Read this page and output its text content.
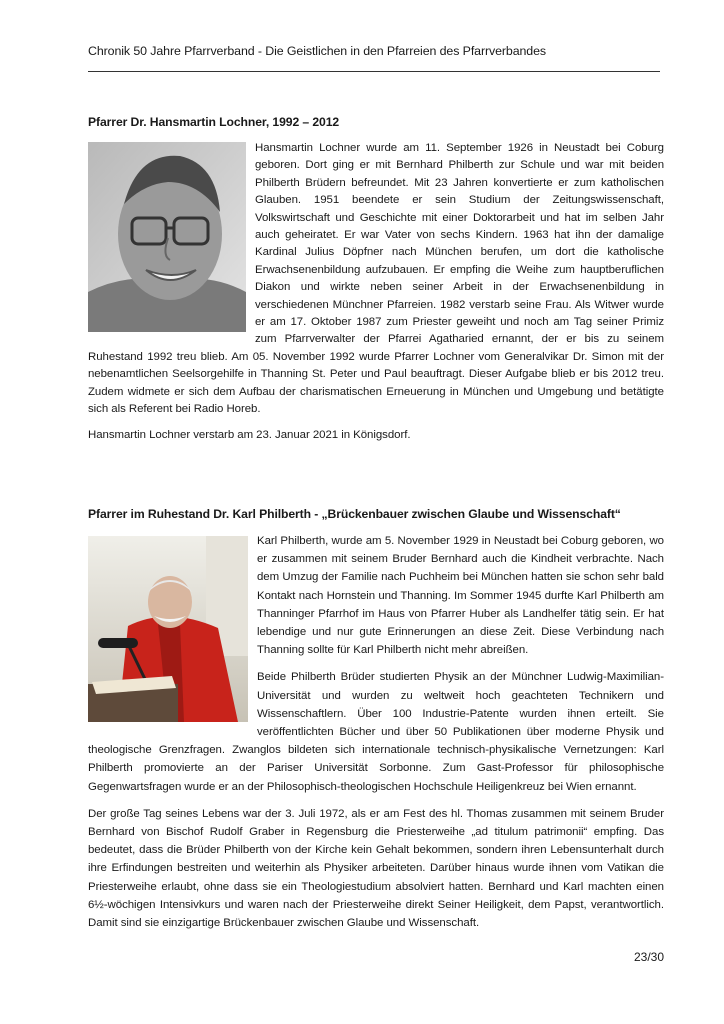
Chronik 50 Jahre Pfarrverband - Die Geistlichen in den Pfarreien des Pfarrverbandes
Pfarrer Dr. Hansmartin Lochner, 1992 – 2012

Hansmartin Lochner wurde am 11. September 1926 in Neustadt bei Coburg geboren. Dort ging er mit Bernhard Philberth zur Schule und war mit beiden Philberth Brüdern befreundet. Mit 23 Jahren konvertierte er zum katholischen Glauben. 1951 beendete er sein Studium der Zeitungswissenschaft, Volkswirtschaft und Geschichte mit einer Doktorarbeit und hat im selben Jahr auch geheiratet. Er war Vater von sechs Kindern. 1963 hat ihn der damalige Kardinal Julius Döpfner nach München berufen, um dort die katholische Erwachsenenbildung aufzubauen. Er empfing die Weihe zum hauptberuflichen Diakon und wirkte neben seiner Arbeit in der Erwachsenenbildung in verschiedenen Münchner Pfarreien. 1982 verstarb seine Frau. Als Witwer wurde er am 17. Oktober 1987 zum Priester geweiht und noch am Tag seiner Primiz zum Pfarrverwalter der Pfarrei Agatharied ernannt, der er bis zu seinem Ruhestand 1992 treu blieb. Am 05. November 1992 wurde Pfarrer Lochner vom Generalvikar Dr. Simon mit der nebenamtlichen Seelsorgehilfe in Thanning St. Peter und Paul beauftragt. Dieser Aufgabe blieb er bis 2012 treu. Zudem widmete er sich dem Aufbau der charismatischen Erneuerung in München und Umgebung und betätigte sich als Referent bei Radio Horeb.

Hansmartin Lochner verstarb am 23. Januar 2021 in Königsdorf.

Pfarrer im Ruhestand Dr. Karl Philberth - „Brückenbauer zwischen Glaube und Wissenschaft“

Karl Philberth, wurde am 5. November 1929 in Neustadt bei Coburg geboren, wo er zusammen mit seinem Bruder Bernhard auch die Kindheit verbrachte. Nach dem Umzug der Familie nach Puchheim bei München hatten sie schon sehr bald Kontakt nach Hornstein und Thanning. Im Sommer 1945 durfte Karl Philberth am Thanninger Pfarrhof im Haus von Pfarrer Huber als Landhelfer tätig sein. Er hat lebendige und nur gute Erinnerungen an diese Zeit. Diese Verbindung nach Thanning sollte für Karl Philberth nicht mehr abreißen.

Beide Philberth Brüder studierten Physik an der Münchner Ludwig-Maximilian-Universität und wurden zu weltweit hoch geachteten Technikern und Wissenschaftlern. Über 100 Industrie-Patente wurden ihnen erteilt. Sie veröffentlichten Bücher und über 50 Publikationen über moderne Physik und theologische Grenzfragen. Zwanglos bildeten sich internationale technisch-physikalische Vernetzungen: Karl Philberth promovierte an der Pariser Universität Sorbonne. Zum Gast-Professor für philosophische Gegenwartsfragen wurde er an der Philosophisch-theologischen Hochschule Heiligenkreuz bei Wien ernannt.

Der große Tag seines Lebens war der 3. Juli 1972, als er am Fest des hl. Thomas zusammen mit seinem Bruder Bernhard von Bischof Rudolf Graber in Regensburg die Priesterweihe „ad titulum patrimonii“ empfing. Das bedeutet, dass die Brüder Philberth von der Kirche kein Gehalt bekommen, sondern ihren Lebensunterhalt durch ihre Erfindungen bestreiten und weiterhin als Physiker arbeiteten. Darüber hinaus wurde ihnen vom Vatikan die Priesterweihe erlaubt, ohne dass sie ein Theologiestudium absolviert hatten. Bernhard und Karl machten einen 6½-wöchigen Intensivkurs und waren nach der Priesterweihe direkt Seiner Heiligkeit, dem Papst, verantwortlich. Damit sind sie einzigartige Brückenbauer zwischen Glaube und Wissenschaft.

23/30
